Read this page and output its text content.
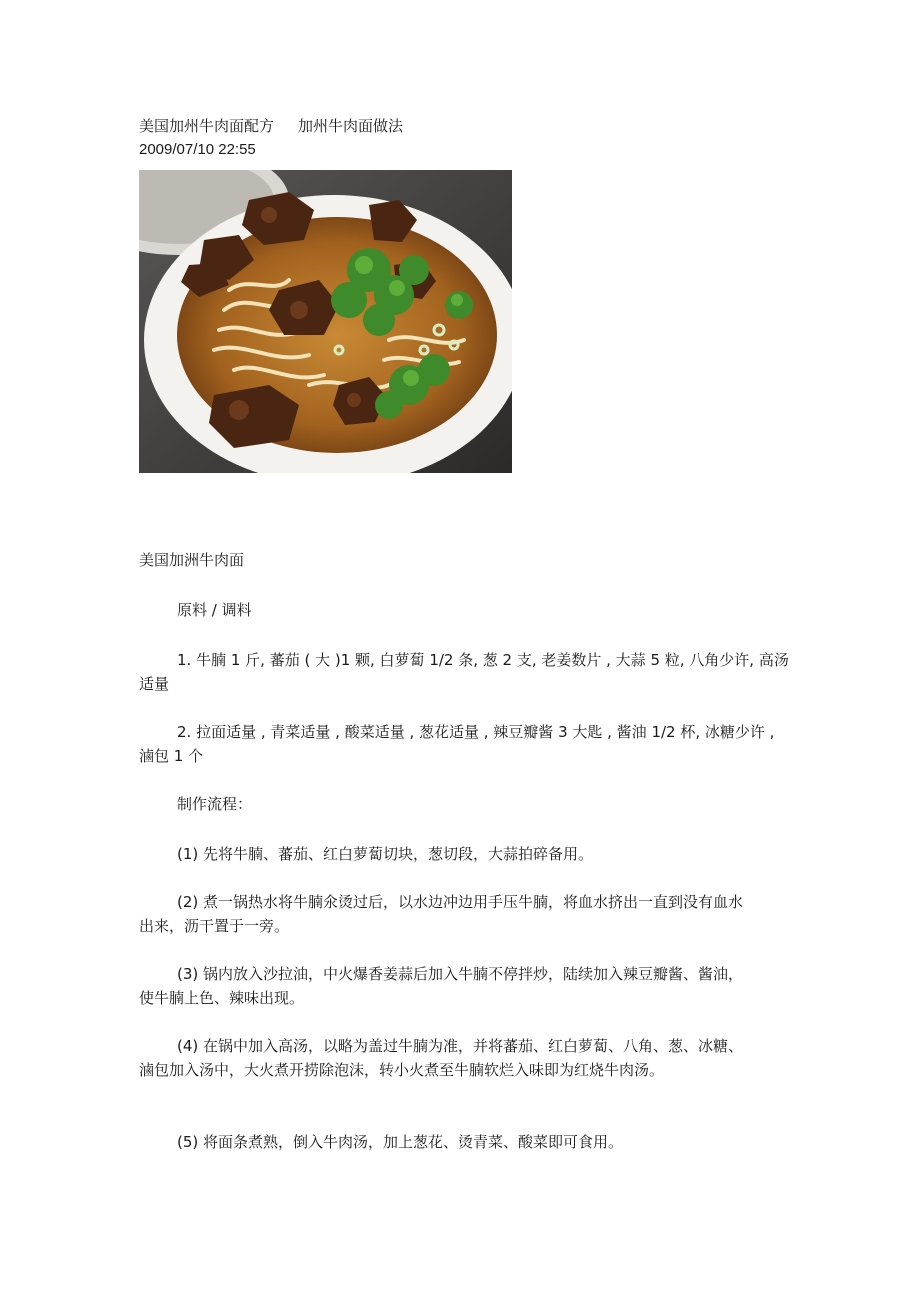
美国加州牛肉面配方 加州牛肉面做法
2009/07/10 22:55

美国加洲牛肉面

原料 / 调料

1. 牛腩 1 斤, 蕃茄 ( 大 )1 颗, 白萝蔔 1/2 条, 葱 2 支, 老姜数片 , 大蒜 5 粒, 八角少许, 高汤适量

2. 拉面适量 , 青菜适量 , 酸菜适量 , 葱花适量 , 辣豆瓣酱 3 大匙 , 酱油 1/2 杯, 冰糖少许 , 滷包 1 个

制作流程：

(1) 先将牛腩、蕃茄、红白萝蔔切块，葱切段，大蒜拍碎备用。

(2) 煮一锅热水将牛腩氽烫过后，以水边冲边用手压牛腩，将血水挤出一直到没有血水出来，沥干置于一旁。

(3) 锅内放入沙拉油，中火爆香姜蒜后加入牛腩不停拌炒，陆续加入辣豆瓣酱、酱油，使牛腩上色、辣味出现。

(4) 在锅中加入高汤，以略为盖过牛腩为准，并将蕃茄、红白萝蔔、八角、葱、冰糖、滷包加入汤中，大火煮开捞除泡沫，转小火煮至牛腩软烂入味即为红烧牛肉汤。

(5) 将面条煮熟，倒入牛肉汤，加上葱花、烫青菜、酸菜即可食用。
